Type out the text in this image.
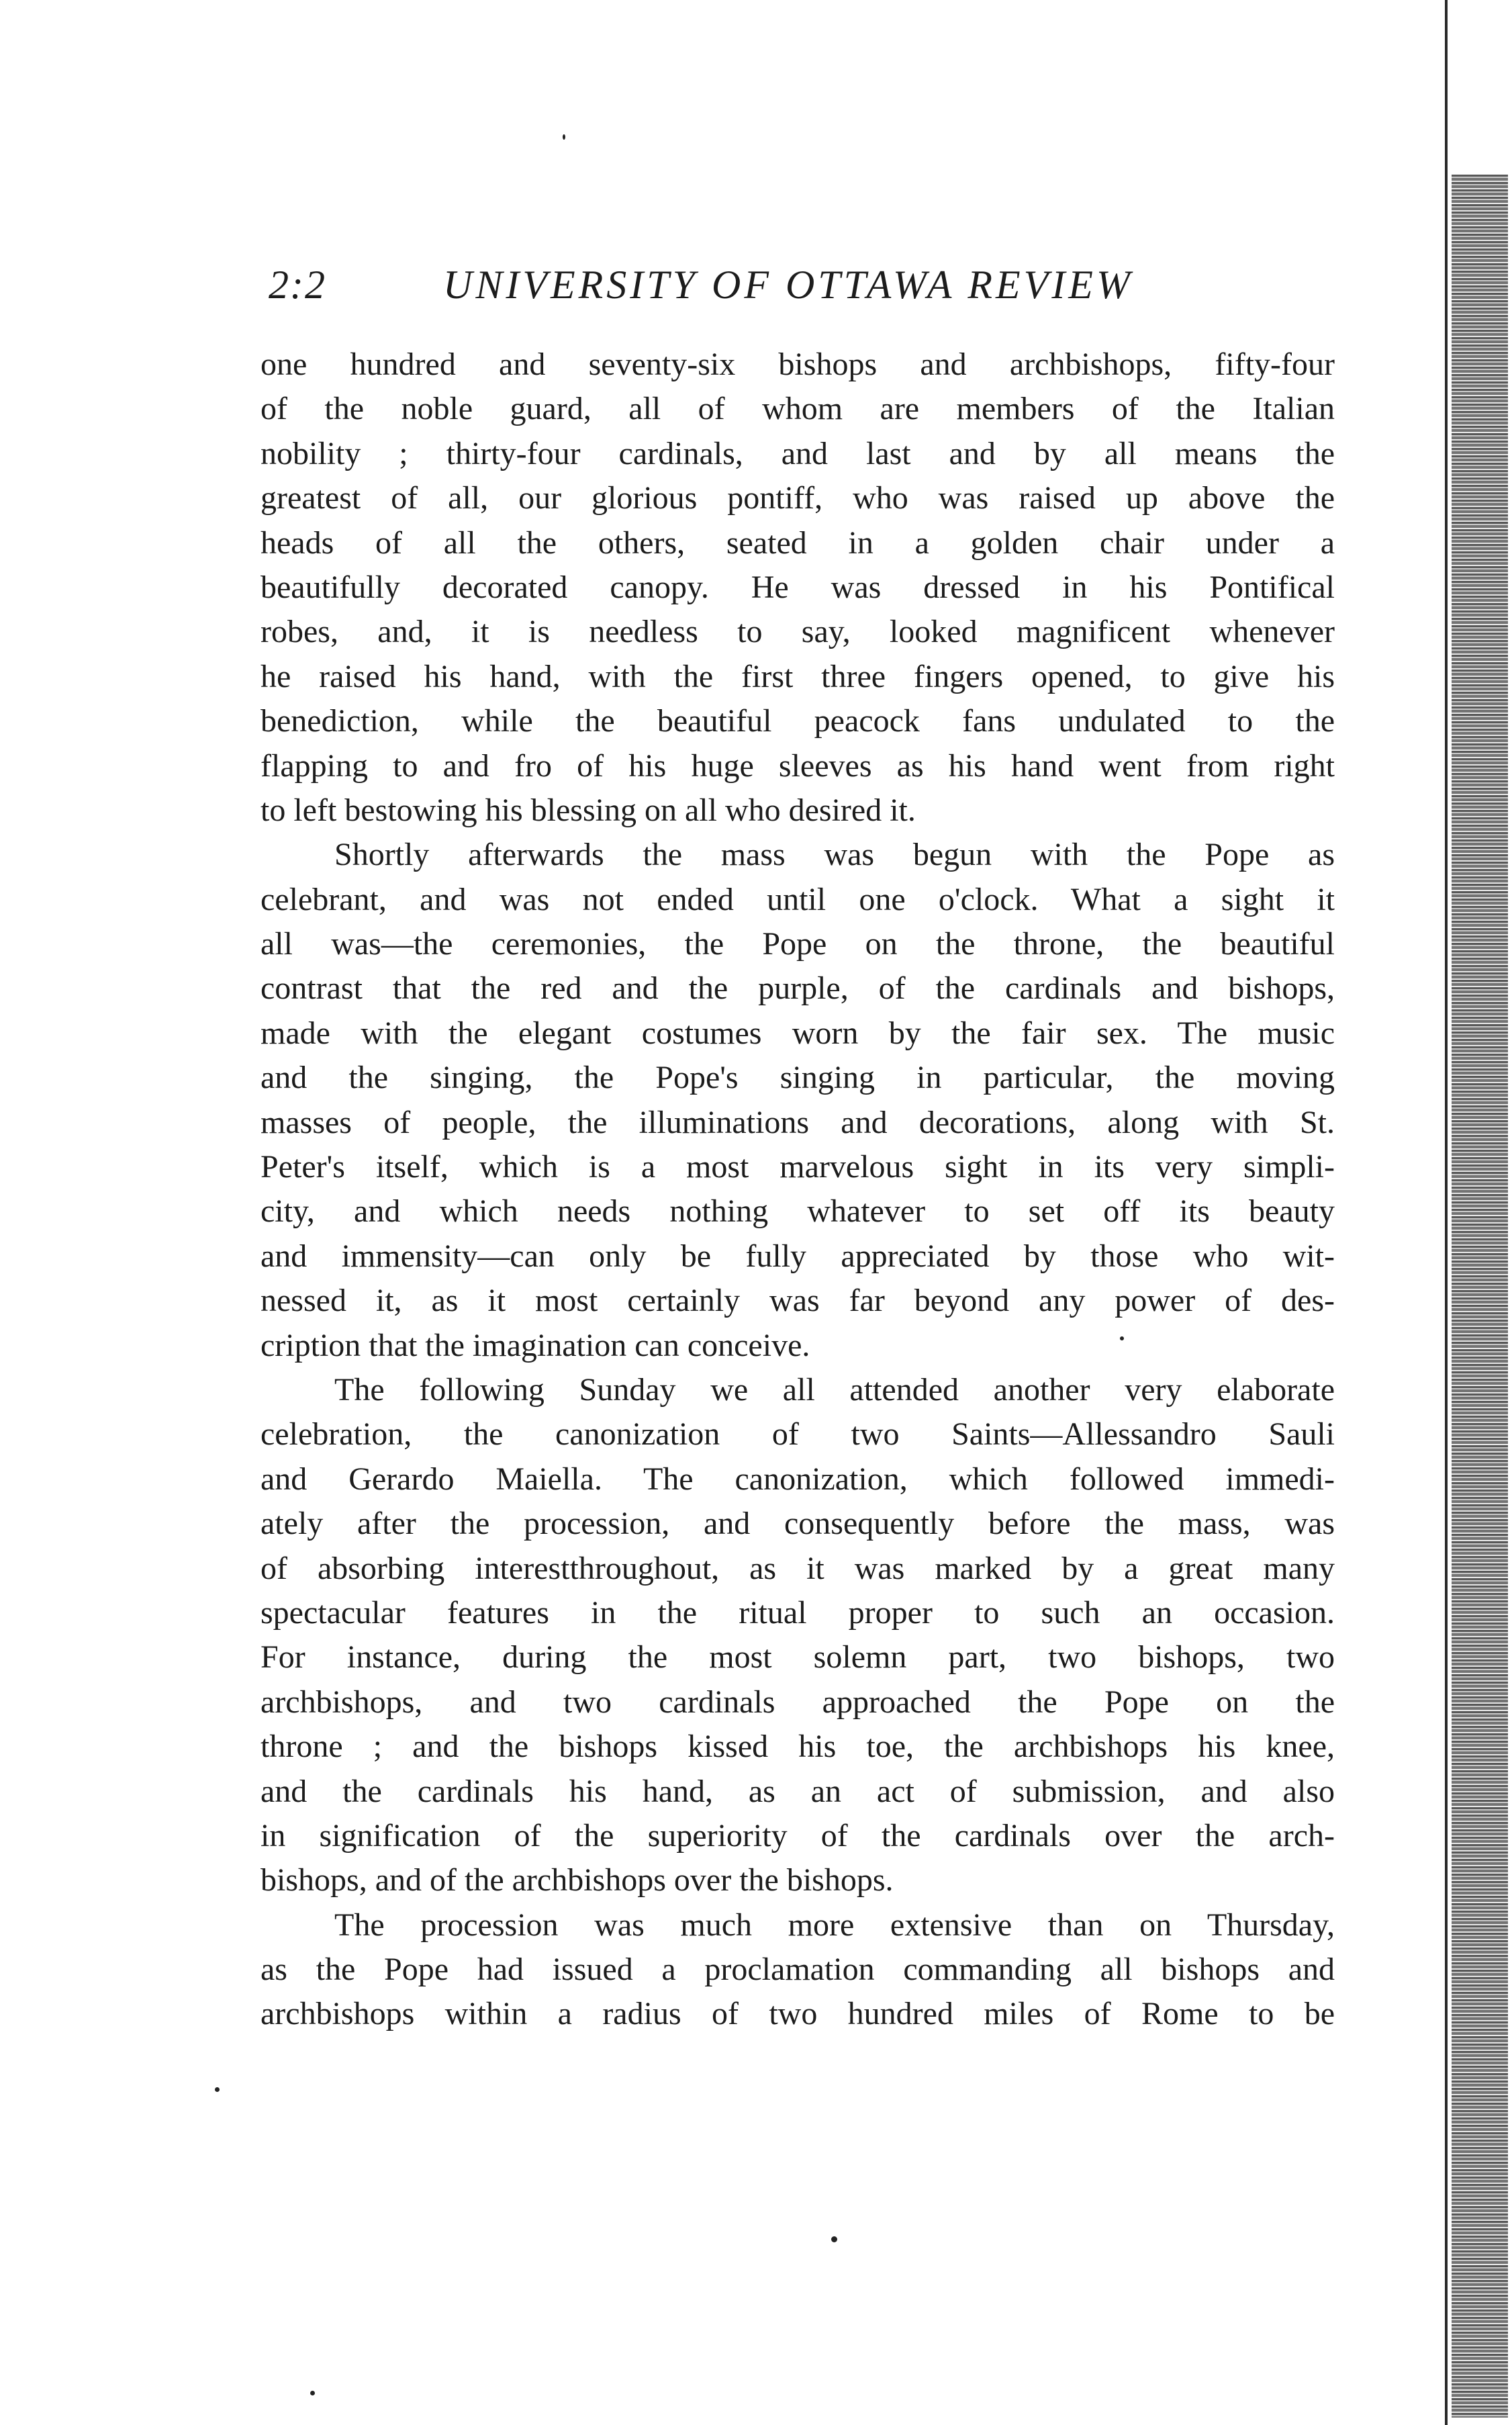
2:2	UNIVERSITY OF OTTAWA REVIEW

one hundred and seventy-six bishops and archbishops, fifty-four
of the noble guard, all of whom are members of the Italian
nobility ; thirty-four cardinals, and last and by all means the
greatest of all, our glorious pontiff, who was raised up above the
heads of all the others, seated in a golden chair under a
beautifully decorated canopy. He was dressed in his Pontifical
robes, and, it is needless to say, looked magnificent whenever
he raised his hand, with the first three fingers opened, to give his
benediction, while the beautiful peacock fans undulated to the
flapping to and fro of his huge sleeves as his hand went from right
to left bestowing his blessing on all who desired it.

Shortly afterwards the mass was begun with the Pope as
celebrant, and was not ended until one o'clock. What a sight it
all was—the ceremonies, the Pope on the throne, the beautiful
contrast that the red and the purple, of the cardinals and bishops,
made with the elegant costumes worn by the fair sex. The music
and the singing, the Pope's singing in particular, the moving
masses of people, the illuminations and decorations, along with St.
Peter's itself, which is a most marvelous sight in its very simpli-
city, and which needs nothing whatever to set off its beauty
and immensity—can only be fully appreciated by those who wit-
nessed it, as it most certainly was far beyond any power of des-
cription that the imagination can conceive.

The following Sunday we all attended another very elaborate
celebration, the canonization of two Saints—Allessandro Sauli
and Gerardo Maiella. The canonization, which followed immedi-
ately after the procession, and consequently before the mass, was
of absorbing interestthroughout, as it was marked by a great many
spectacular features in the ritual proper to such an occasion.
For instance, during the most solemn part, two bishops, two
archbishops, and two cardinals approached the Pope on the
throne ; and the bishops kissed his toe, the archbishops his knee,
and the cardinals his hand, as an act of submission, and also
in signification of the superiority of the cardinals over the arch-
bishops, and of the archbishops over the bishops.

The procession was much more extensive than on Thursday,
as the Pope had issued a proclamation commanding all bishops and
archbishops within a radius of two hundred miles of Rome to be
